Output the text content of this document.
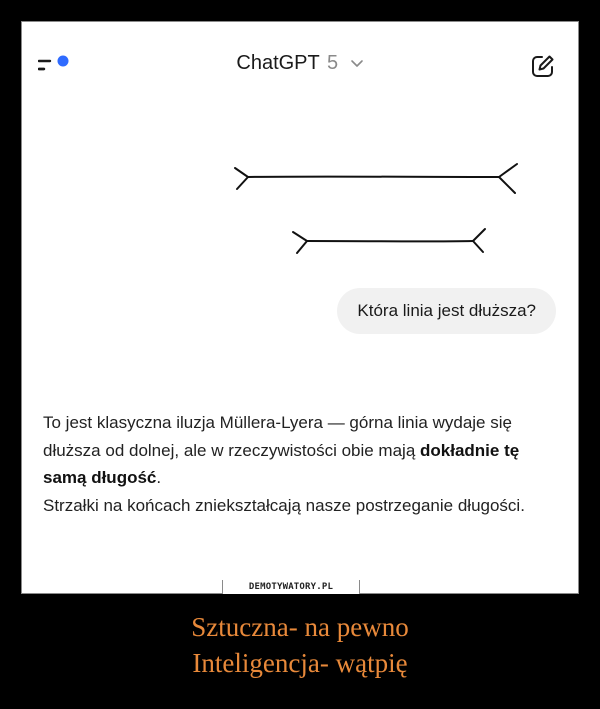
ChatGPT 5
Która linia jest dłuższa?

To jest klasyczna iluzja Müllera-Lyera — górna linia wydaje się dłuższa od dolnej, ale w rzeczywistości obie mają dokładnie tę samą długość.

Strzałki na końcach zniekształcają nasze postrzeganie długości.

DEMOTYWATORY.PL
Sztuczna- na pewno
Inteligencja- wątpię
